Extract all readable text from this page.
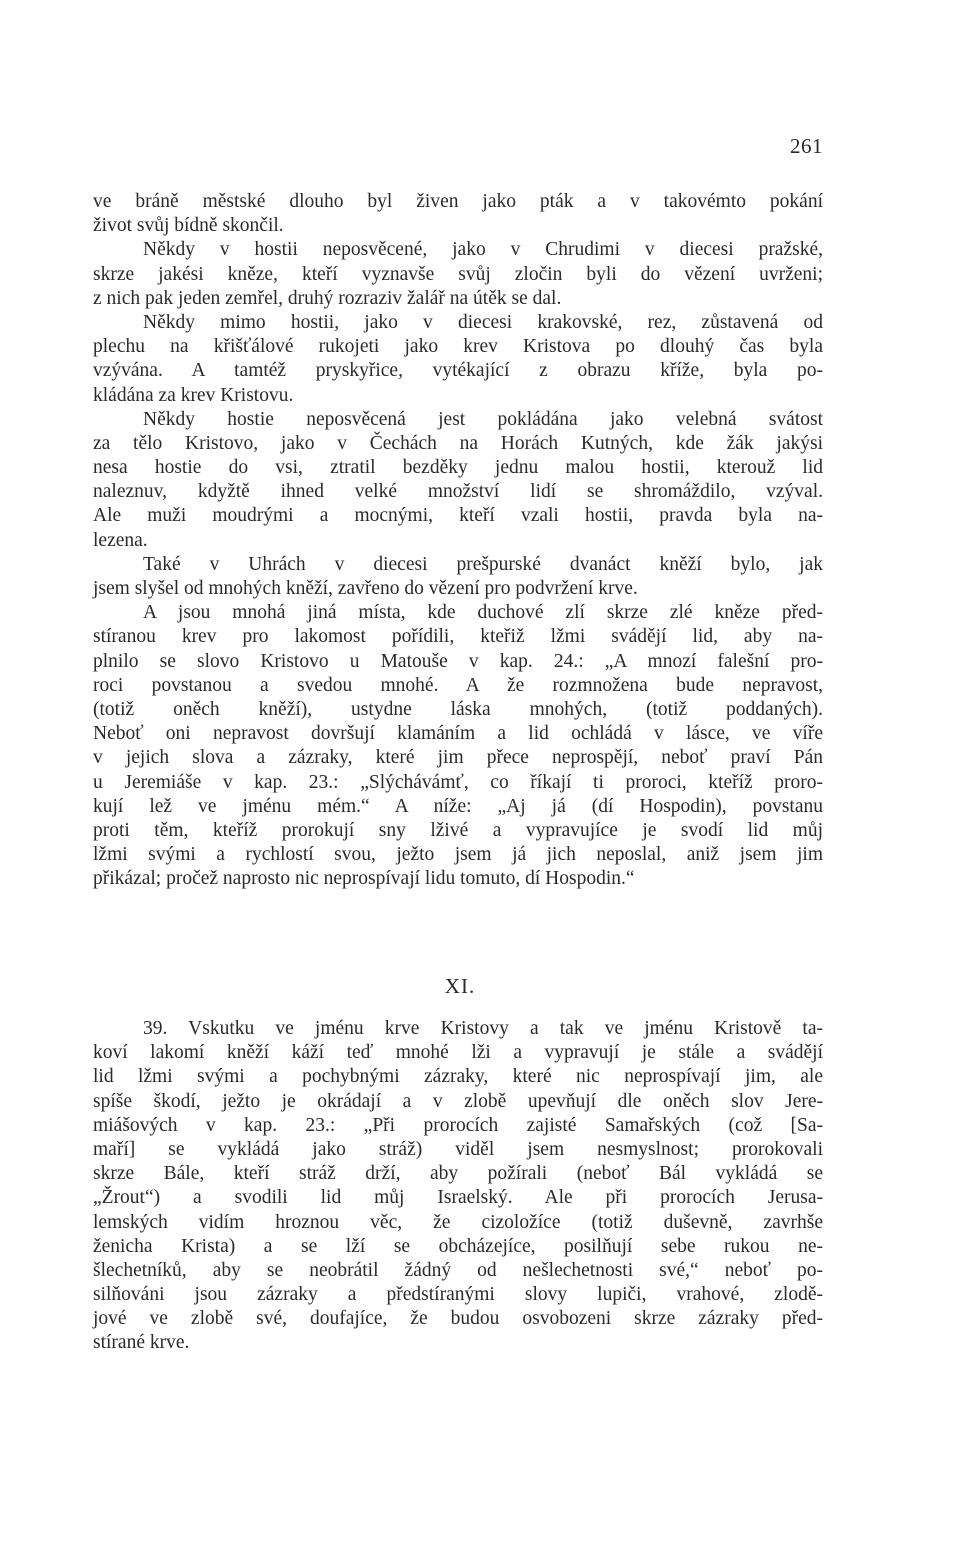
261
ve bráně městské dlouho byl živen jako pták a v takovémto pokání
život svůj bídně skončil.
Někdy v hostii neposvěcené, jako v Chrudimi v diecesi pražské,
skrze jakési kněze, kteří vyznavše svůj zločin byli do vězení uvrženi;
z nich pak jeden zemřel, druhý rozraziv žalář na útěk se dal.
Někdy mimo hostii, jako v diecesi krakovské, rez, zůstavená od
plechu na křišťálové rukojeti jako krev Kristova po dlouhý čas byla
vzývána. A tamtéž pryskyřice, vytékající z obrazu kříže, byla po-
kládána za krev Kristovu.
Někdy hostie neposvěcená jest pokládána jako velebná svátost
za tělo Kristovo, jako v Čechách na Horách Kutných, kde žák jakýsi
nesa hostie do vsi, ztratil bezděky jednu malou hostii, kterouž lid
naleznuv, kdyžtě ihned velké množství lidí se shromáždilo, vzýval.
Ale muži moudrými a mocnými, kteří vzali hostii, pravda byla na-
lezena.
Také v Uhrách v diecesi prešpurské dvanáct kněží bylo, jak
jsem slyšel od mnohých kněží, zavřeno do vězení pro podvržení krve.
A jsou mnohá jiná místa, kde duchové zlí skrze zlé kněze před-
stíranou krev pro lakomost pořídili, kteřiž lžmi svádějí lid, aby na-
plnilo se slovo Kristovo u Matouše v kap. 24.: „A mnozí falešní pro-
roci povstanou a svedou mnohé. A že rozmnožena bude nepravost,
(totiž oněch kněží), ustydne láska mnohých, (totiž poddaných).
Neboť oni nepravost dovršují klamáním a lid ochládá v lásce, ve víře
v jejich slova a zázraky, které jim přece neprospějí, neboť praví Pán
u Jeremiáše v kap. 23.: „Slýchávámť, co říkají ti proroci, kteříž proro-
kují lež ve jménu mém.“ A níže: „Aj já (dí Hospodin), povstanu
proti těm, kteříž prorokují sny lživé a vypravujíce je svodí lid můj
lžmi svými a rychlostí svou, ježto jsem já jich neposlal, aniž jsem jim
přikázal; pročež naprosto nic neprospívají lidu tomuto, dí Hospodin.“
XI.
39. Vskutku ve jménu krve Kristovy a tak ve jménu Kristově ta-
koví lakomí kněží káží teď mnohé lži a vypravují je stále a svádějí
lid lžmi svými a pochybnými zázraky, které nic neprospívají jim, ale
spíše škodí, ježto je okrádají a v zlobě upevňují dle oněch slov Jere-
miášových v kap. 23.: „Při prorocích zajisté Samařských (což [Sa-
maří] se vykládá jako stráž) viděl jsem nesmyslnost; prorokovali
skrze Bále, kteří stráž drží, aby požírali (neboť Bál vykládá se
„Žrout“) a svodili lid můj Israelský. Ale při prorocích Jerusa-
lemských vidím hroznou věc, že cizoložíce (totiž duševně, zavrhše
ženicha Krista) a se lží se obcházejíce, posilňují sebe rukou ne-
šlechetníků, aby se neobrátil žádný od nešlechetnosti své,“ neboť po-
silňováni jsou zázraky a předstíranými slovy lupiči, vrahové, zlodě-
jové ve zlobě své, doufajíce, že budou osvobozeni skrze zázraky před-
stírané krve.
